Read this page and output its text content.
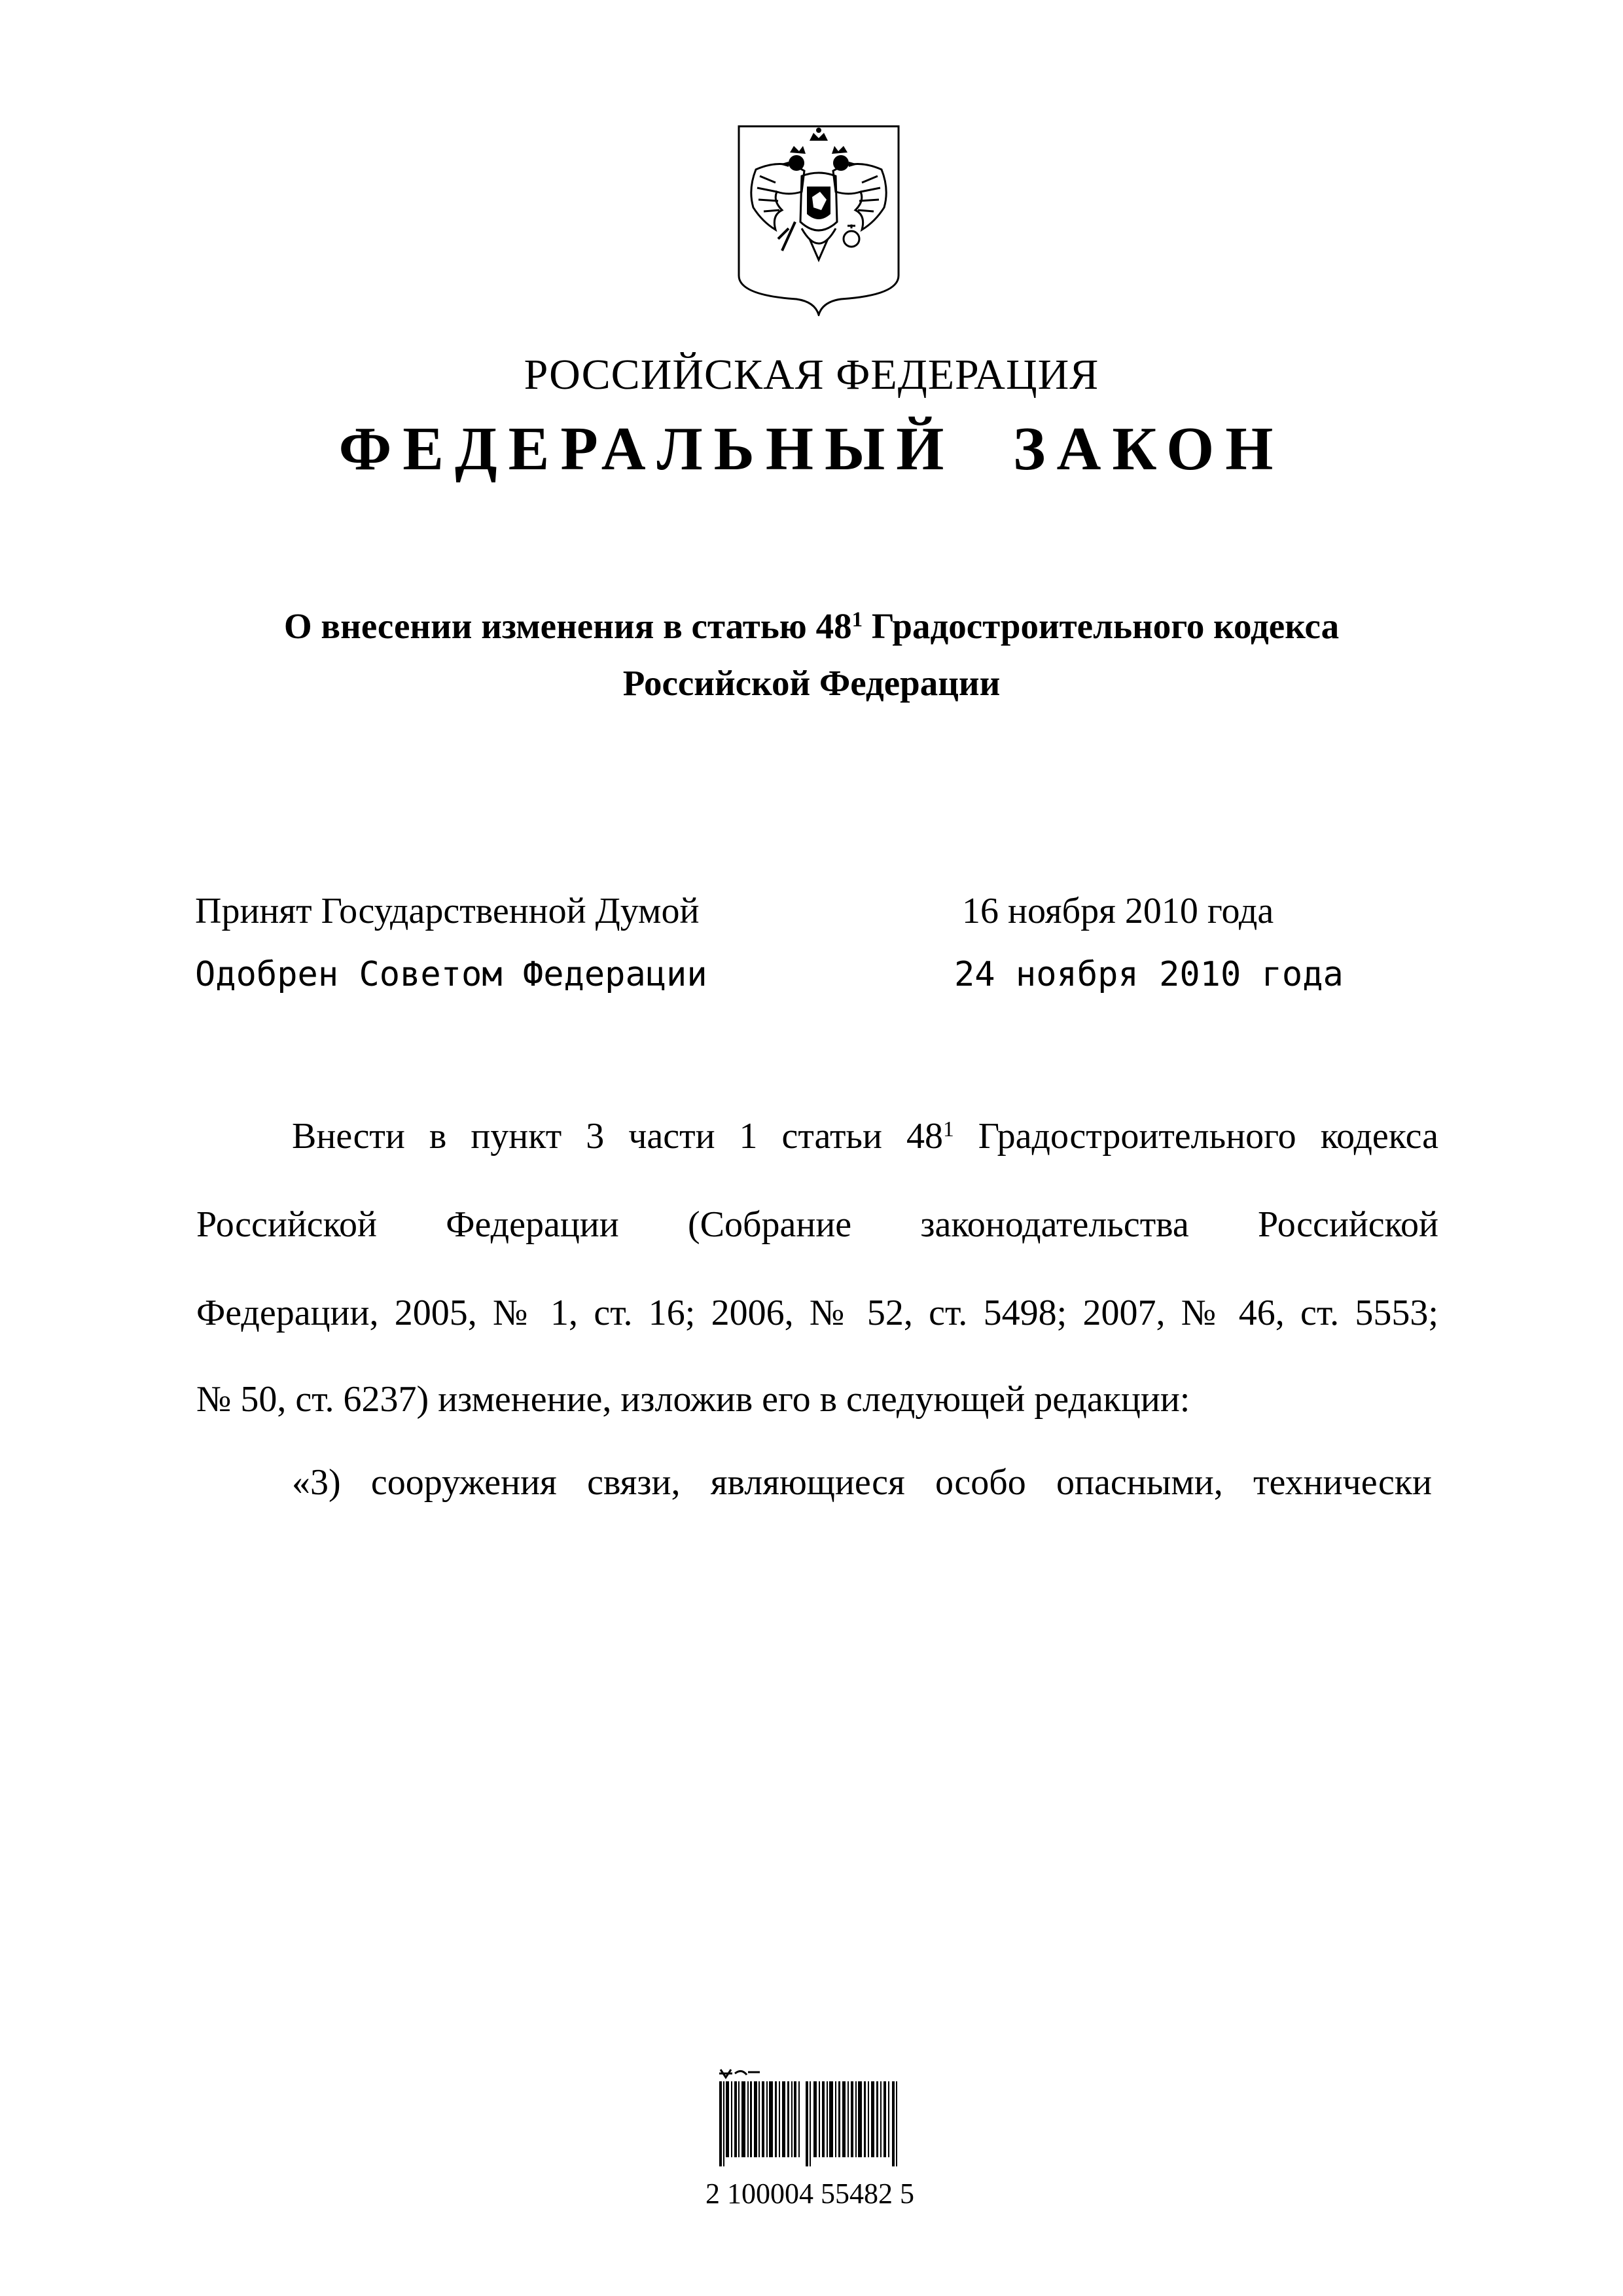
РОССИЙСКАЯ ФЕДЕРАЦИЯ
ФЕДЕРАЛЬНЫЙ ЗАКОН
О внесении изменения в статью $48^1$ Градостроительного кодекса
Российской Федерации
Принят Государственной Думой	16 ноября 2010 года
Одобрен Советом Федерации	24 ноября 2010 года
Внести в пункт 3 части 1 статьи $48^1$ Градостроительного кодекса
Российской Федерации (Собрание законодательства Российской
Федерации, 2005, № 1, ст. 16; 2006, № 52, ст. 5498; 2007, № 46, ст. 5553;
№ 50, ст. 6237) изменение, изложив его в следующей редакции:
«3) сооружения связи, являющиеся особо опасными, технически
2 100004 55482 5
